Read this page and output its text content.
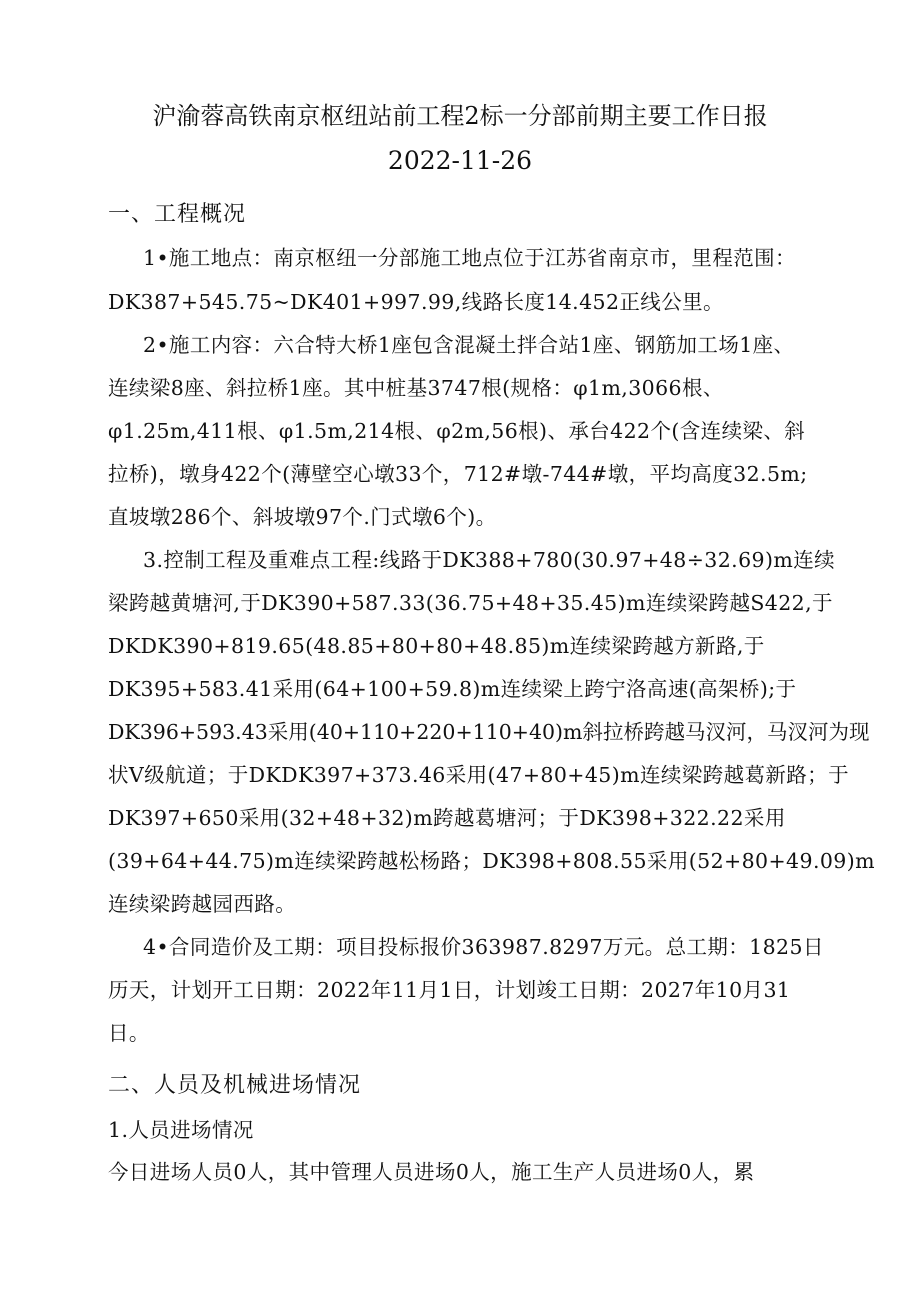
沪渝蓉高铁南京枢纽站前工程2标一分部前期主要工作日报
2022-11-26
一、工程概况
1•施工地点：南京枢纽一分部施工地点位于江苏省南京市，里程范围：
DK387+545.75~DK401+997.99,线路长度14.452正线公里。
2•施工内容：六合特大桥1座包含混凝土拌合站1座、钢筋加工场1座、
连续梁8座、斜拉桥1座。其中桩基3747根(规格：φ1m,3066根、
φ1.25m,411根、φ1.5m,214根、φ2m,56根)、承台422个(含连续梁、斜
拉桥)，墩身422个(薄壁空心墩33个，712#墩-744#墩，平均高度32.5m;
直坡墩286个、斜坡墩97个.门式墩6个)。
3.控制工程及重难点工程:线路于DK388+780(30.97+48÷32.69)m连续
梁跨越黄塘河,于DK390+587.33(36.75+48+35.45)m连续梁跨越S422,于
DKDK390+819.65(48.85+80+80+48.85)m连续梁跨越方新路,于
DK395+583.41采用(64+100+59.8)m连续梁上跨宁洛高速(高架桥);于
DK396+593.43采用(40+110+220+110+40)m斜拉桥跨越马汊河，马汊河为现
状Ⅴ级航道；于DKDK397+373.46采用(47+80+45)m连续梁跨越葛新路；于
DK397+650采用(32+48+32)m跨越葛塘河；于DK398+322.22采用
(39+64+44.75)m连续梁跨越松杨路；DK398+808.55采用(52+80+49.09)m
连续梁跨越园西路。
4•合同造价及工期：项目投标报价363987.8297万元。总工期：1825日
历天，计划开工日期：2022年11月1日，计划竣工日期：2027年10月31
日。
二、人员及机械进场情况
1.人员进场情况
今日进场人员0人，其中管理人员进场0人，施工生产人员进场0人，累
